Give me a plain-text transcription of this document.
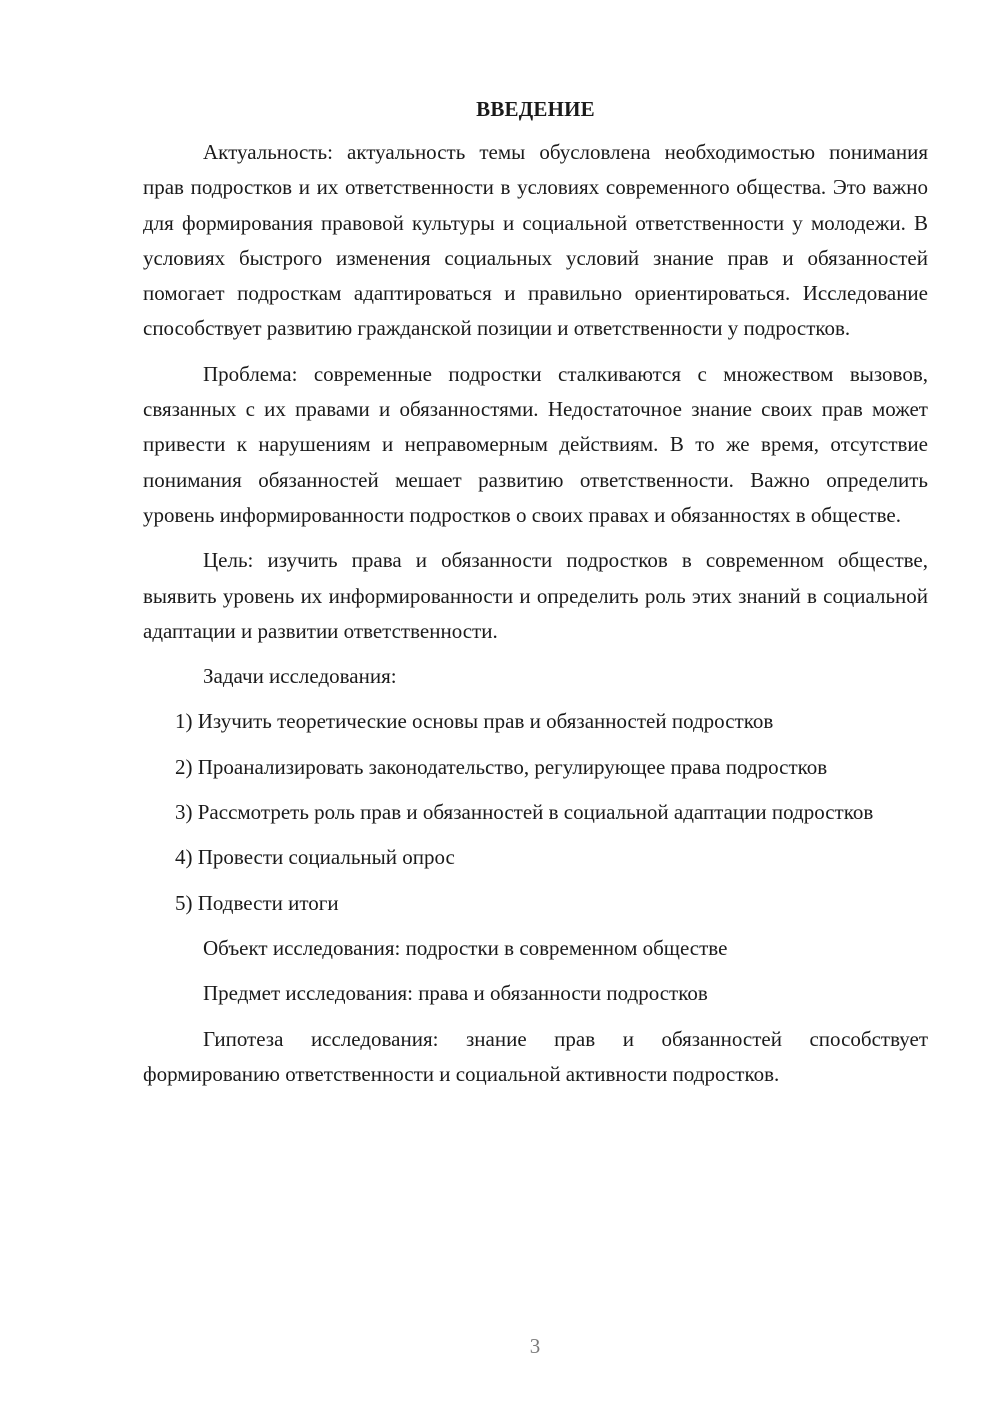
ВВЕДЕНИЕ

Актуальность: актуальность темы обусловлена необходимостью понимания прав подростков и их ответственности в условиях современного общества. Это важно для формирования правовой культуры и социальной ответственности у молодежи. В условиях быстрого изменения социальных условий знание прав и обязанностей помогает подросткам адаптироваться и правильно ориентироваться. Исследование способствует развитию гражданской позиции и ответственности у подростков.

Проблема: современные подростки сталкиваются с множеством вызовов, связанных с их правами и обязанностями. Недостаточное знание своих прав может привести к нарушениям и неправомерным действиям. В то же время, отсутствие понимания обязанностей мешает развитию ответственности. Важно определить уровень информированности подростков о своих правах и обязанностях в обществе.

Цель: изучить права и обязанности подростков в современном обществе, выявить уровень их информированности и определить роль этих знаний в социальной адаптации и развитии ответственности.

Задачи исследования:

1) Изучить теоретические основы прав и обязанностей подростков

2) Проанализировать законодательство, регулирующее права подростков

3) Рассмотреть роль прав и обязанностей в социальной адаптации подростков

4) Провести социальный опрос

5) Подвести итоги

Объект исследования: подростки в современном обществе

Предмет исследования: права и обязанности подростков

Гипотеза исследования: знание прав и обязанностей способствует формированию ответственности и социальной активности подростков.

3
